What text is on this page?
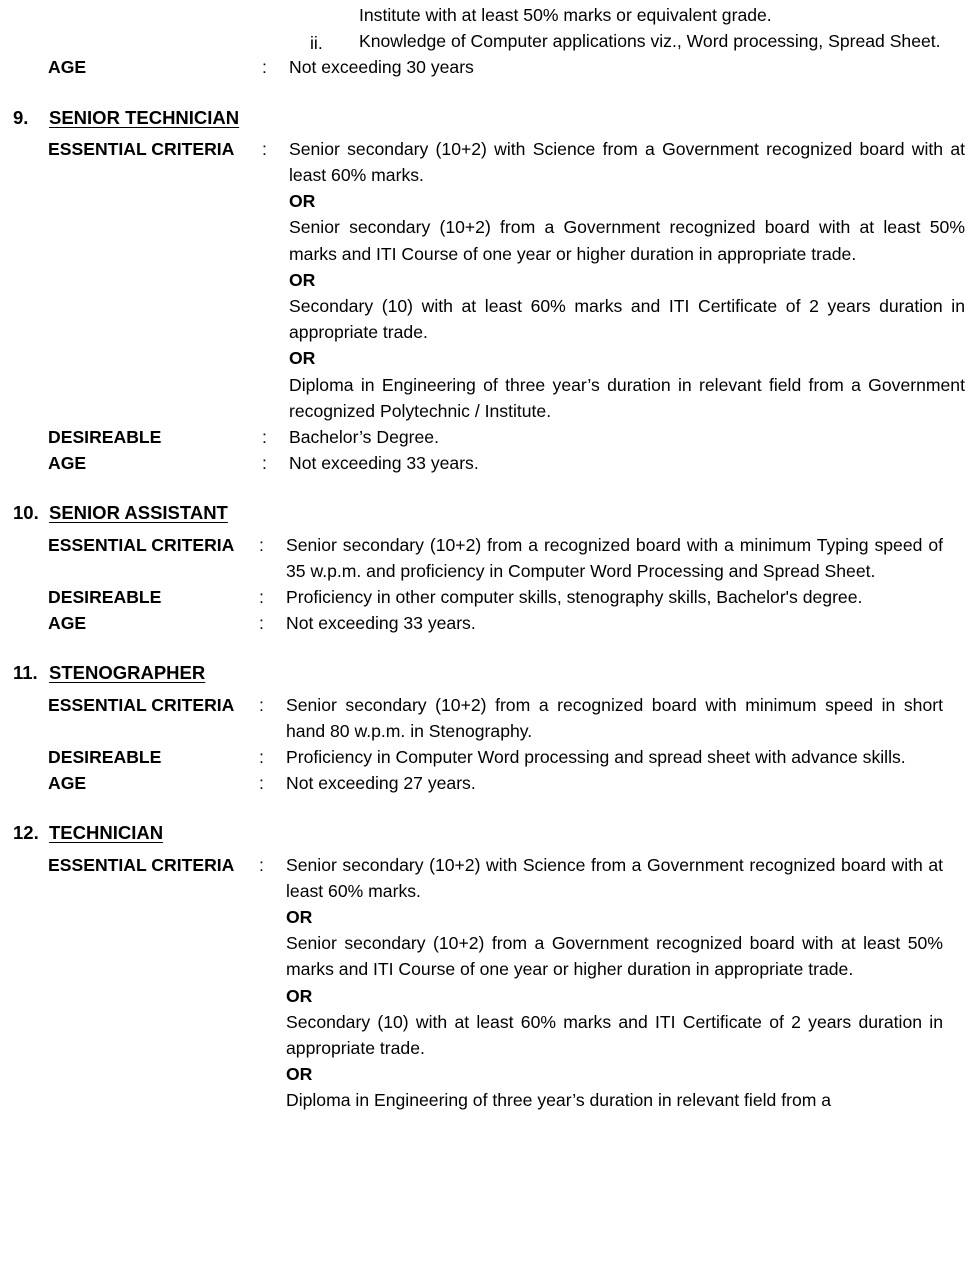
Institute with at least 50% marks or equivalent grade.
ii. Knowledge of Computer applications viz., Word processing, Spread Sheet.
AGE	: Not exceeding 30 years
9. SENIOR TECHNICIAN
ESSENTIAL CRITERIA : Senior secondary (10+2) with Science from a Government recognized board with at least 60% marks.
OR
Senior secondary (10+2) from a Government recognized board with at least 50% marks and ITI Course of one year or higher duration in appropriate trade.
OR
Secondary (10) with at least 60% marks and ITI Certificate of 2 years duration in appropriate trade.
OR
Diploma in Engineering of three year’s duration in relevant field from a Government recognized Polytechnic / Institute.
DESIREABLE	: Bachelor’s Degree.
AGE	: Not exceeding 33 years.
10. SENIOR ASSISTANT
ESSENTIAL CRITERIA : Senior secondary (10+2) from a recognized board with a minimum Typing speed of 35 w.p.m. and proficiency in Computer Word Processing and Spread Sheet.
DESIREABLE	: Proficiency in other computer skills, stenography skills, Bachelor's degree.
AGE	: Not exceeding 33 years.
11. STENOGRAPHER
ESSENTIAL CRITERIA : Senior secondary (10+2) from a recognized board with minimum speed in short hand 80 w.p.m. in Stenography.
DESIREABLE	: Proficiency in Computer Word processing and spread sheet with advance skills.
AGE	: Not exceeding 27 years.
12. TECHNICIAN
ESSENTIAL CRITERIA : Senior secondary (10+2) with Science from a Government recognized board with at least 60% marks.
OR
Senior secondary (10+2) from a Government recognized board with at least 50% marks and ITI Course of one year or higher duration in appropriate trade.
OR
Secondary (10) with at least 60% marks and ITI Certificate of 2 years duration in appropriate trade.
OR
Diploma in Engineering of three year’s duration in relevant field from a
